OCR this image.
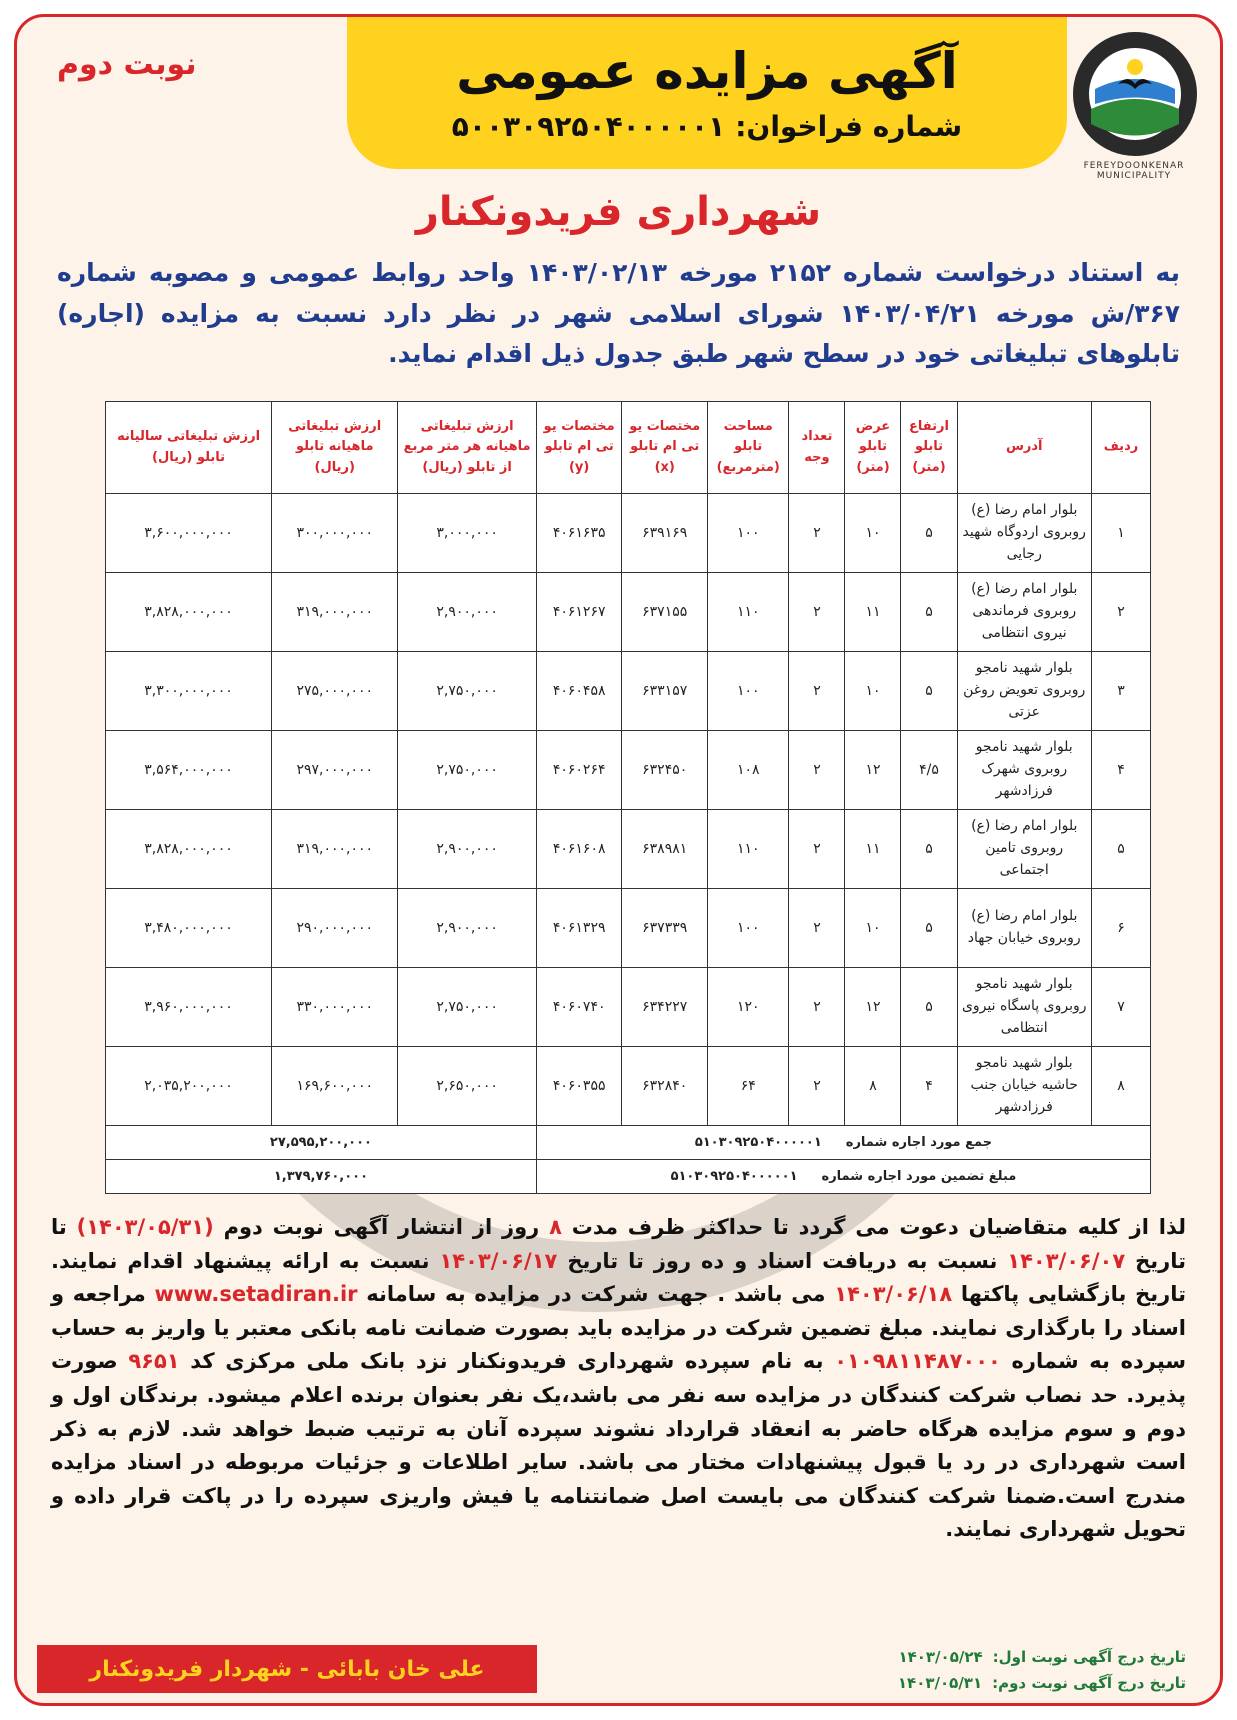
نوبت دوم	آگهی مزایده عمومی
شماره فراخوان:
۵۰۰۳۰۹۲۵۰۴۰۰۰۰۰۱
FEREYDOONKENAR MUNICIPALITY
شهرداری فریدونکنار
به استناد درخواست شماره ۲۱۵۲ مورخه ۱۴۰۳/۰۲/۱۳ واحد روابط عمومی و مصوبه شماره ۳۶۷/ش مورخه ۱۴۰۳/۰۴/۲۱ شورای اسلامی شهر در نظر دارد نسبت به مزایده (اجاره) تابلوهای تبلیغاتی خود در سطح شهر طبق جدول ذیل اقدام نماید.
ردیف	آدرس	ارتفاع تابلو (متر)	عرض تابلو (متر)	تعداد وجه	مساحت تابلو (مترمربع)	مختصات یو تی ام تابلو (x)	مختصات یو تی ام تابلو (y)	ارزش تبلیغاتی ماهیانه هر متر مربع از تابلو (ریال)	ارزش تبلیغاتی ماهیانه تابلو (ریال)	ارزش تبلیغاتی سالیانه تابلو (ریال)
۱	بلوار امام رضا (ع) روبروی اردوگاه شهید رجایی	۵	۱۰	۲	۱۰۰	۶۳۹۱۶۹	۴۰۶۱۶۳۵	۳,۰۰۰,۰۰۰	۳۰۰,۰۰۰,۰۰۰	۳,۶۰۰,۰۰۰,۰۰۰
۲	بلوار امام رضا (ع) روبروی فرماندهی نیروی انتظامی	۵	۱۱	۲	۱۱۰	۶۳۷۱۵۵	۴۰۶۱۲۶۷	۲,۹۰۰,۰۰۰	۳۱۹,۰۰۰,۰۰۰	۳,۸۲۸,۰۰۰,۰۰۰
۳	بلوار شهید نامجو روبروی تعویض روغن عزتی	۵	۱۰	۲	۱۰۰	۶۳۳۱۵۷	۴۰۶۰۴۵۸	۲,۷۵۰,۰۰۰	۲۷۵,۰۰۰,۰۰۰	۳,۳۰۰,۰۰۰,۰۰۰
۴	بلوار شهید نامجو روبروی شهرک فرزادشهر	۴/۵	۱۲	۲	۱۰۸	۶۳۲۴۵۰	۴۰۶۰۲۶۴	۲,۷۵۰,۰۰۰	۲۹۷,۰۰۰,۰۰۰	۳,۵۶۴,۰۰۰,۰۰۰
۵	بلوار امام رضا (ع) روبروی تامین اجتماعی	۵	۱۱	۲	۱۱۰	۶۳۸۹۸۱	۴۰۶۱۶۰۸	۲,۹۰۰,۰۰۰	۳۱۹,۰۰۰,۰۰۰	۳,۸۲۸,۰۰۰,۰۰۰
۶	بلوار امام رضا (ع) روبروی خیابان جهاد	۵	۱۰	۲	۱۰۰	۶۳۷۳۳۹	۴۰۶۱۳۲۹	۲,۹۰۰,۰۰۰	۲۹۰,۰۰۰,۰۰۰	۳,۴۸۰,۰۰۰,۰۰۰
۷	بلوار شهید نامجو روبروی پاسگاه نیروی انتظامی	۵	۱۲	۲	۱۲۰	۶۳۴۲۲۷	۴۰۶۰۷۴۰	۲,۷۵۰,۰۰۰	۳۳۰,۰۰۰,۰۰۰	۳,۹۶۰,۰۰۰,۰۰۰
۸	بلوار شهید نامجو حاشیه خیابان جنب فرزادشهر	۴	۸	۲	۶۴	۶۳۲۸۴۰	۴۰۶۰۳۵۵	۲,۶۵۰,۰۰۰	۱۶۹,۶۰۰,۰۰۰	۲,۰۳۵,۲۰۰,۰۰۰

جمع مورد اجاره شماره
۵۱۰۳۰۹۲۵۰۴۰۰۰۰۰۱								۲۷,۵۹۵,۲۰۰,۰۰۰		

مبلغ تضمین مورد اجاره شماره
۵۱۰۳۰۹۲۵۰۴۰۰۰۰۰۱								۱,۳۷۹,۷۶۰,۰۰۰		
لذا از کلیه متقاضیان دعوت می گردد تا حداکثر ظرف مدت ۸ روز از انتشار آگهی نوبت دوم (۱۴۰۳/۰۵/۳۱) تا تاریخ ۱۴۰۳/۰۶/۰۷ نسبت به دریافت اسناد و ده روز تا تاریخ ۱۴۰۳/۰۶/۱۷ نسبت به ارائه پیشنهاد اقدام نمایند. تاریخ بازگشایی پاکتها ۱۴۰۳/۰۶/۱۸ می باشد . جهت شرکت در مزایده به سامانه www.setadiran.ir مراجعه و اسناد را بارگذاری نمایند. مبلغ تضمین شرکت در مزایده باید بصورت ضمانت نامه بانکی معتبر یا واریز به حساب سپرده به شماره ۰۱۰۹۸۱۱۴۸۷۰۰۰ به نام سپرده شهرداری فریدونکنار نزد بانک ملی مرکزی کد ۹۶۵۱ صورت پذیرد. حد نصاب شرکت کنندگان در مزایده سه نفر می باشد،یک نفر بعنوان برنده اعلام میشود. برندگان اول و دوم و سوم مزایده هرگاه حاضر به انعقاد قرارداد نشوند سپرده آنان به ترتیب ضبط خواهد شد. لازم به ذکر است شهرداری در رد یا قبول پیشنهادات مختار می باشد. سایر اطلاعات و جزئیات مربوطه در اسناد مزایده مندرج است.ضمنا شرکت کنندگان می بایست اصل ضمانتنامه یا فیش واریزی سپرده را در پاکت قرار داده و تحویل شهرداری نمایند.
علی خان بابائی - شهردار فریدونکنار	تاریخ درج آگهی نوبت اول:
۱۴۰۳/۰۵/۲۴
تاریخ درج آگهی نوبت دوم:
۱۴۰۳/۰۵/۳۱
